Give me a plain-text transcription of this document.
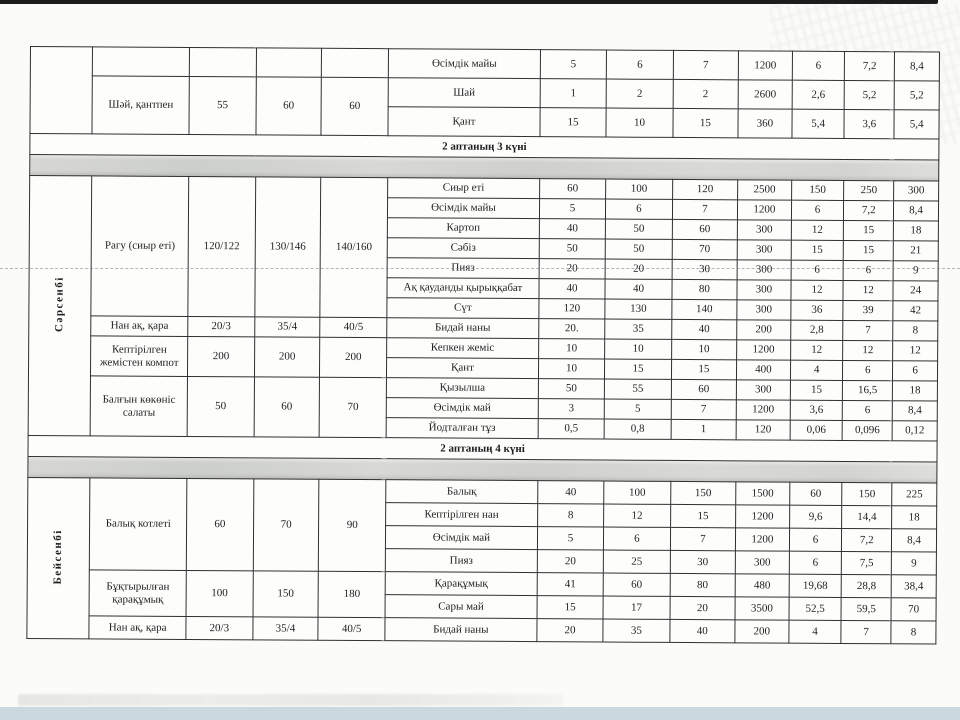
					Өсімдік майы	5	6	7	1200	6	7,2	8,4
	Шәй, қантпен	55	60	60	Шай	1	2	2	2600	2,6	5,2	5,2
					Қант	15	10	15	360	5,4	3,6	5,4
2 аптаның 3 күні												

Сәрсенбі	Рагу (сиыр еті)	120/122	130/146	140/160	Сиыр еті	60	100	120	2500	150	250	300
					Өсімдік майы	5	6	7	1200	6	7,2	8,4
					Картоп	40	50	60	300	12	15	18
					Сәбіз	50	50	70	300	15	15	21
					Пияз	20	20	30	300	6	6	9
					Ақ қауданды қырыққабат	40	40	80	300	12	12	24
					Сүт	120	130	140	300	36	39	42
	Нан ақ, қара	20/3	35/4	40/5	Бидай наны	20.	35	40	200	2,8	7	8
	Кептірілген жемістен компот	200	200	200	Кепкен жеміс	10	10	10	1200	12	12	12
					Қант	10	15	15	400	4	6	6
	Балғын көкөніс салаты	50	60	70	Қызылша	50	55	60	300	15	16,5	18
					Өсімдік май	3	5	7	1200	3,6	6	8,4
					Йодталған тұз	0,5	0,8	1	120	0,06	0,096	0,12
2 аптаның 4 күні												

Бейсенбі	Балық котлеті	60	70	90	Балық	40	100	150	1500	60	150	225
					Кептірілген нан	8	12	15	1200	9,6	14,4	18
					Өсімдік май	5	6	7	1200	6	7,2	8,4
					Пияз	20	25	30	300	6	7,5	9
	Бұқтырылған қарақұмық	100	150	180	Қарақұмық	41	60	80	480	19,68	28,8	38,4
					Сары май	15	17	20	3500	52,5	59,5	70
	Нан ақ, қара	20/3	35/4	40/5	Бидай наны	20	35	40	200	4	7	8
